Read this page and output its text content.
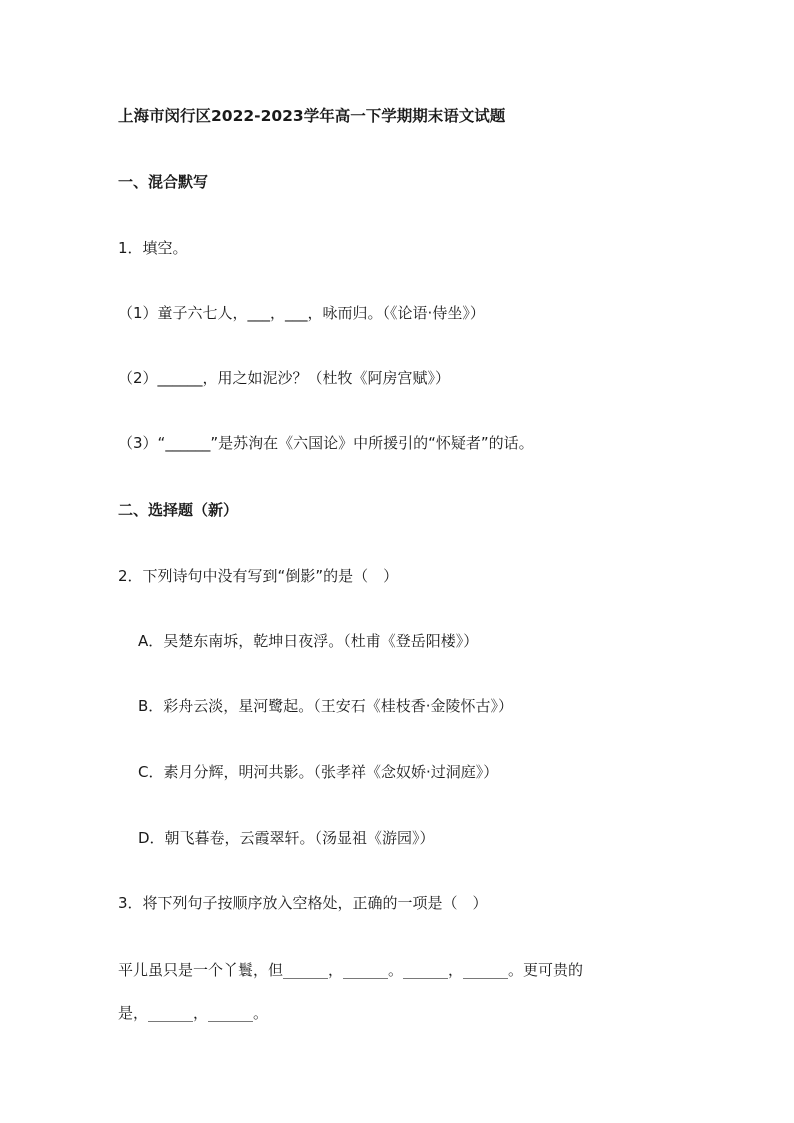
上海市闵行区2022-2023学年高一下学期期末语文试题
一、混合默写
1．填空。
（1）童子六七人，___，___，咏而归。（《论语·侍坐》）
（2）______，用之如泥沙？（杜牧《阿房宫赋》）
（3）“______”是苏洵在《六国论》中所援引的“怀疑者”的话。
二、选择题（新）
2．下列诗句中没有写到“倒影”的是（　）
A．吴楚东南坼，乾坤日夜浮。（杜甫《登岳阳楼》）
B．彩舟云淡，星河鹭起。（王安石《桂枝香·金陵怀古》）
C．素月分辉，明河共影。（张孝祥《念奴娇·过洞庭》）
D．朝飞暮卷，云霞翠轩。（汤显祖《游园》）
3．将下列句子按顺序放入空格处，正确的一项是（　）
平儿虽只是一个丫鬟，但______，______。______，______。更可贵的
是，______，______。
